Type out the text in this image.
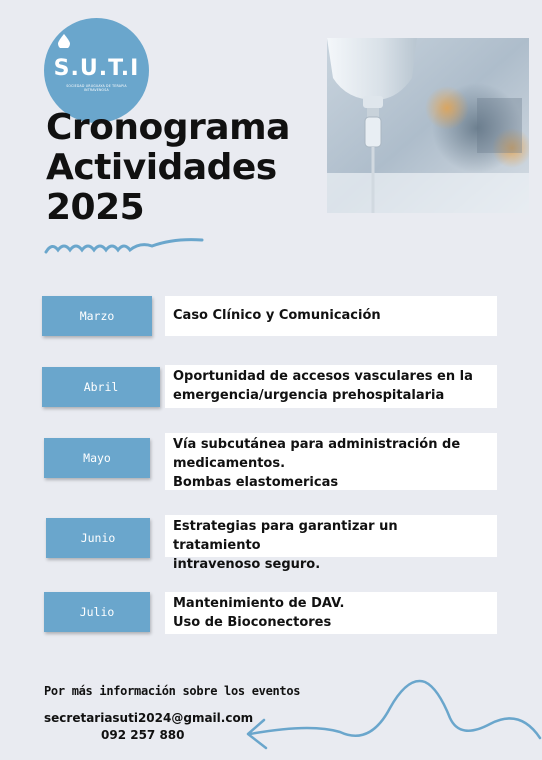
S.U.T.I
SOCIEDAD URUGUAYA DE TERAPIA INTRAVENOSA
Cronograma
Actividades
2025
Marzo	Caso Clínico y Comunicación
Abril
Oportunidad de accesos vasculares en la
emergencia/urgencia prehospitalaria
Mayo
Vía subcutánea para administración de
medicamentos.
Bombas elastomericas
Junio
Estrategias para garantizar un tratamiento
intravenoso seguro.
Julio
Mantenimiento de DAV.
Uso de Bioconectores

Por más información sobre los eventos

secretariasuti2024@gmail.com
092 257 880
